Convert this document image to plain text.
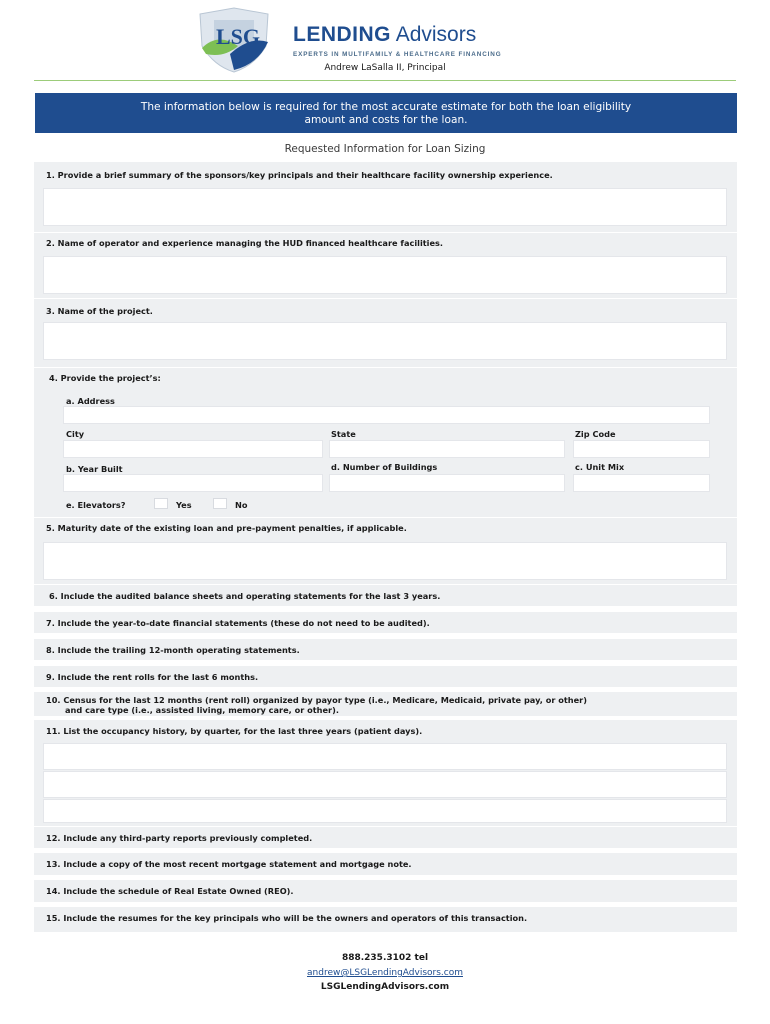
LSG LENDING Advisors
EXPERTS IN MULTIFAMILY & HEALTHCARE FINANCING
Andrew LaSalla II, Principal
The information below is required for the most accurate estimate for both the loan eligibility
amount and costs for the loan.
Requested Information for Loan Sizing
1. Provide a brief summary of the sponsors/key principals and their healthcare facility ownership experience.
2. Name of operator and experience managing the HUD financed healthcare facilities.
3. Name of the project.
4. Provide the project’s:
a. Address
City	State	Zip Code
b. Year Built	d. Number of Buildings	c. Unit Mix
e. Elevators?	Yes	No
5. Maturity date of the existing loan and pre-payment penalties, if applicable.
6. Include the audited balance sheets and operating statements for the last 3 years.
7. Include the year-to-date financial statements (these do not need to be audited).
8. Include the trailing 12-month operating statements.
9. Include the rent rolls for the last 6 months.
10. Census for the last 12 months (rent roll) organized by payor type (i.e., Medicare, Medicaid, private pay, or other)
and care type (i.e., assisted living, memory care, or other).
11. List the occupancy history, by quarter, for the last three years (patient days).
12. Include any third-party reports previously completed.
13. Include a copy of the most recent mortgage statement and mortgage note.
14. Include the schedule of Real Estate Owned (REO).
15. Include the resumes for the key principals who will be the owners and operators of this transaction.
888.235.3102 tel
andrew@LSGLendingAdvisors.com
LSGLendingAdvisors.com
